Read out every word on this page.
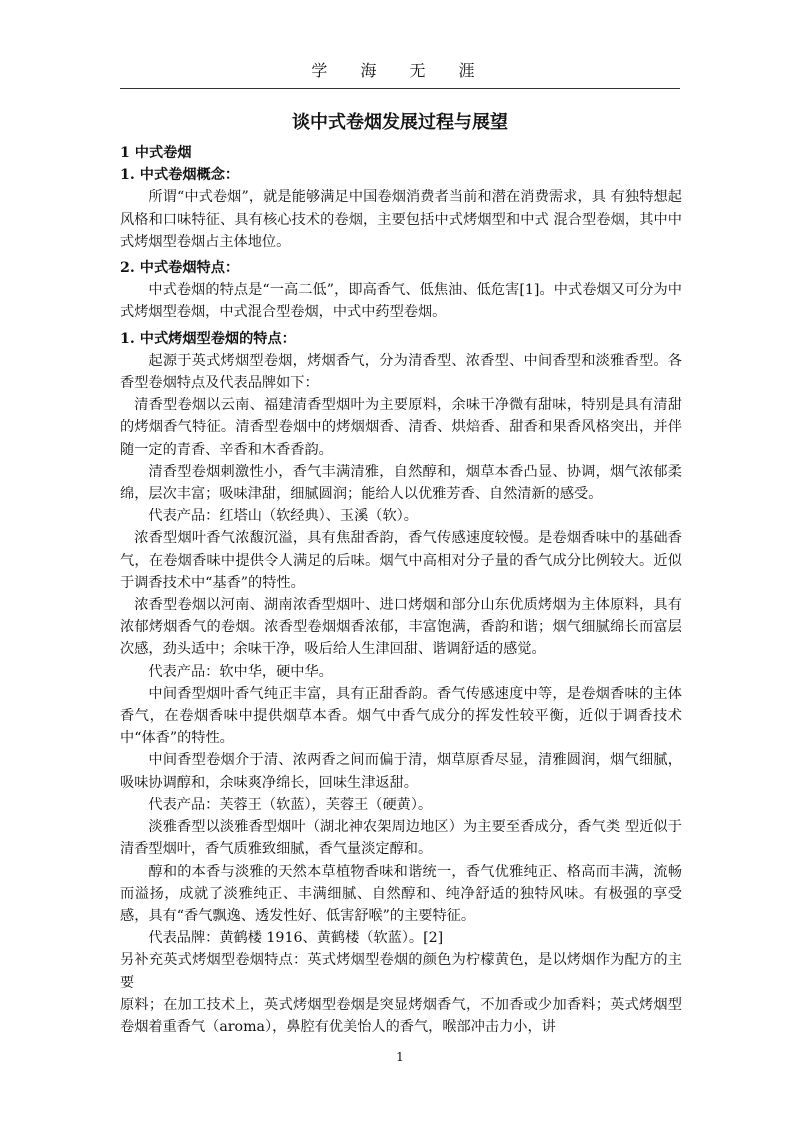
学 海 无 涯
谈中式卷烟发展过程与展望

1 中式卷烟

1. 中式卷烟概念：

所谓“中式卷烟”，就是能够满足中国卷烟消费者当前和潜在消费需求，具 有独特想起风格和口味特征、具有核心技术的卷烟，主要包括中式烤烟型和中式 混合型卷烟，其中中式烤烟型卷烟占主体地位。

2. 中式卷烟特点：

中式卷烟的特点是“一高二低”，即高香气、低焦油、低危害[1]。中式卷烟又可分为中式烤烟型卷烟，中式混合型卷烟，中式中药型卷烟。

1. 中式烤烟型卷烟的特点：

起源于英式烤烟型卷烟，烤烟香气，分为清香型、浓香型、中间香型和淡雅香型。各香型卷烟特点及代表品牌如下：

清香型卷烟以云南、福建清香型烟叶为主要原料，余味干净微有甜味，特别是具有清甜的烤烟香气特征。清香型卷烟中的烤烟烟香、清香、烘焙香、甜香和果香风格突出，并伴随一定的青香、辛香和木香香韵。

清香型卷烟刺激性小，香气丰满清雅，自然醇和，烟草本香凸显、协调，烟气浓郁柔绵，层次丰富；吸味津甜，细腻圆润；能给人以优雅芳香、自然清新的感受。

代表产品：红塔山（软经典）、玉溪（软）。

浓香型烟叶香气浓馥沉溢，具有焦甜香韵，香气传感速度较慢。是卷烟香味中的基础香气，在卷烟香味中提供令人满足的后味。烟气中高相对分子量的香气成分比例较大。近似于调香技术中“基香”的特性。

浓香型卷烟以河南、湖南浓香型烟叶、进口烤烟和部分山东优质烤烟为主体原料，具有浓郁烤烟香气的卷烟。浓香型卷烟烟香浓郁，丰富饱满，香韵和谐；烟气细腻绵长而富层次感，劲头适中；余味干净，吸后给人生津回甜、谐调舒适的感觉。

代表产品：软中华，硬中华。

中间香型烟叶香气纯正丰富，具有正甜香韵。香气传感速度中等，是卷烟香味的主体香气，在卷烟香味中提供烟草本香。烟气中香气成分的挥发性较平衡，近似于调香技术中“体香”的特性。

中间香型卷烟介于清、浓两香之间而偏于清，烟草原香尽显，清雅圆润，烟气细腻，吸味协调醇和，余味爽净绵长，回味生津返甜。

代表产品：芙蓉王（软蓝），芙蓉王（硬黄）。

淡雅香型以淡雅香型烟叶（湖北神农架周边地区）为主要至香成分，香气类 型近似于清香型烟叶，香气质雅致细腻，香气量淡定醇和。

醇和的本香与淡雅的天然本草植物香味和谐统一，香气优雅纯正、格高而丰满，流畅而溢扬，成就了淡雅纯正、丰满细腻、自然醇和、纯净舒适的独特风味。有极强的享受感，具有“香气飘逸、透发性好、低害舒喉”的主要特征。

代表品牌：黄鹤楼 1916、黄鹤楼（软蓝）。[2]

另补充英式烤烟型卷烟特点：英式烤烟型卷烟的颜色为柠檬黄色，是以烤烟作为配方的主要

原料；在加工技术上，英式烤烟型卷烟是突显烤烟香气，不加香或少加香料；英式烤烟型卷烟着重香气（aroma），鼻腔有优美怡人的香气，喉部冲击力小，讲

1
